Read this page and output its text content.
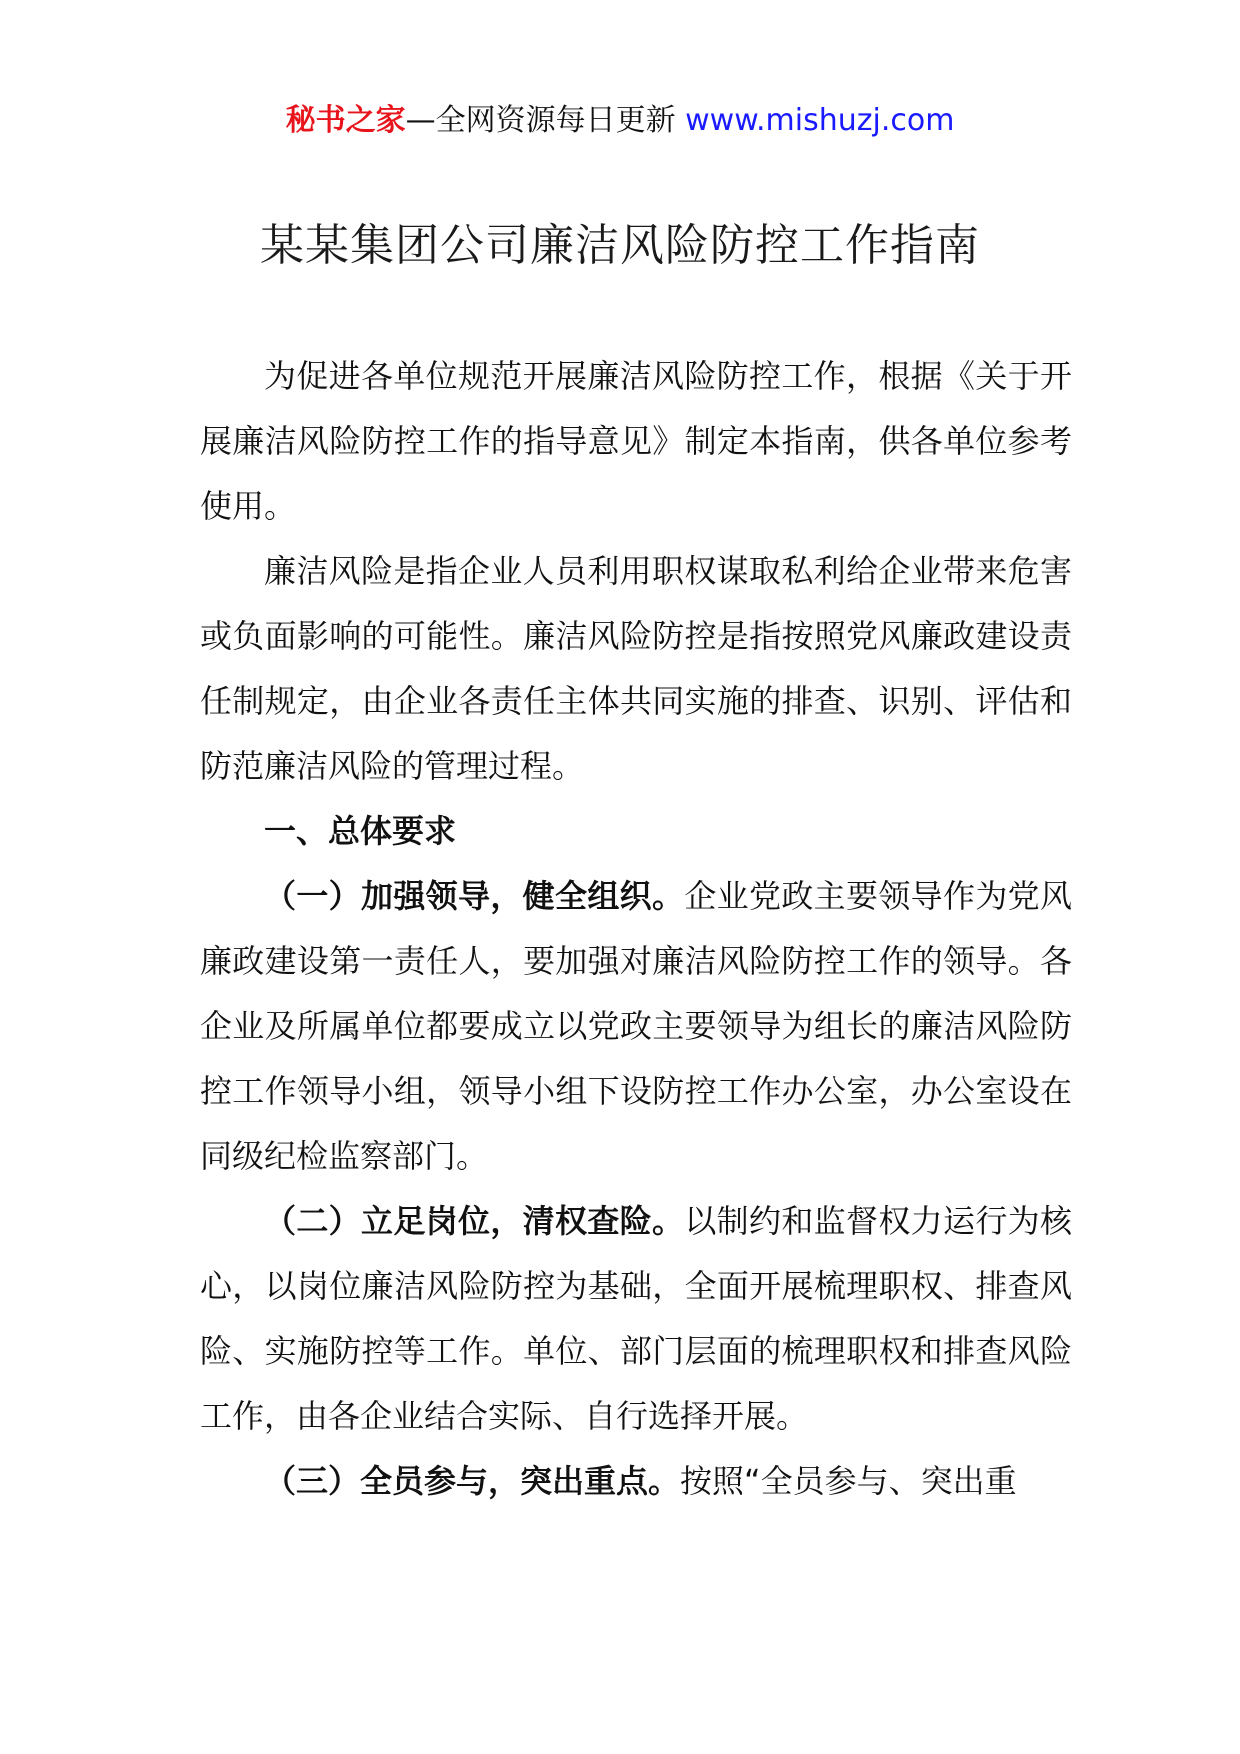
秘书之家—全网资源每日更新 www.mishuzj.com
某某集团公司廉洁风险防控工作指南

为促进各单位规范开展廉洁风险防控工作，根据《关于开展廉洁风险防控工作的指导意见》制定本指南，供各单位参考使用。

廉洁风险是指企业人员利用职权谋取私利给企业带来危害或负面影响的可能性。廉洁风险防控是指按照党风廉政建设责任制规定，由企业各责任主体共同实施的排查、识别、评估和防范廉洁风险的管理过程。

一、总体要求

（一）加强领导，健全组织。企业党政主要领导作为党风廉政建设第一责任人，要加强对廉洁风险防控工作的领导。各企业及所属单位都要成立以党政主要领导为组长的廉洁风险防控工作领导小组，领导小组下设防控工作办公室，办公室设在同级纪检监察部门。

（二）立足岗位，清权查险。以制约和监督权力运行为核心，以岗位廉洁风险防控为基础，全面开展梳理职权、排查风险、实施防控等工作。单位、部门层面的梳理职权和排查风险工作，由各企业结合实际、自行选择开展。

（三）全员参与，突出重点。按照“全员参与、突出重
